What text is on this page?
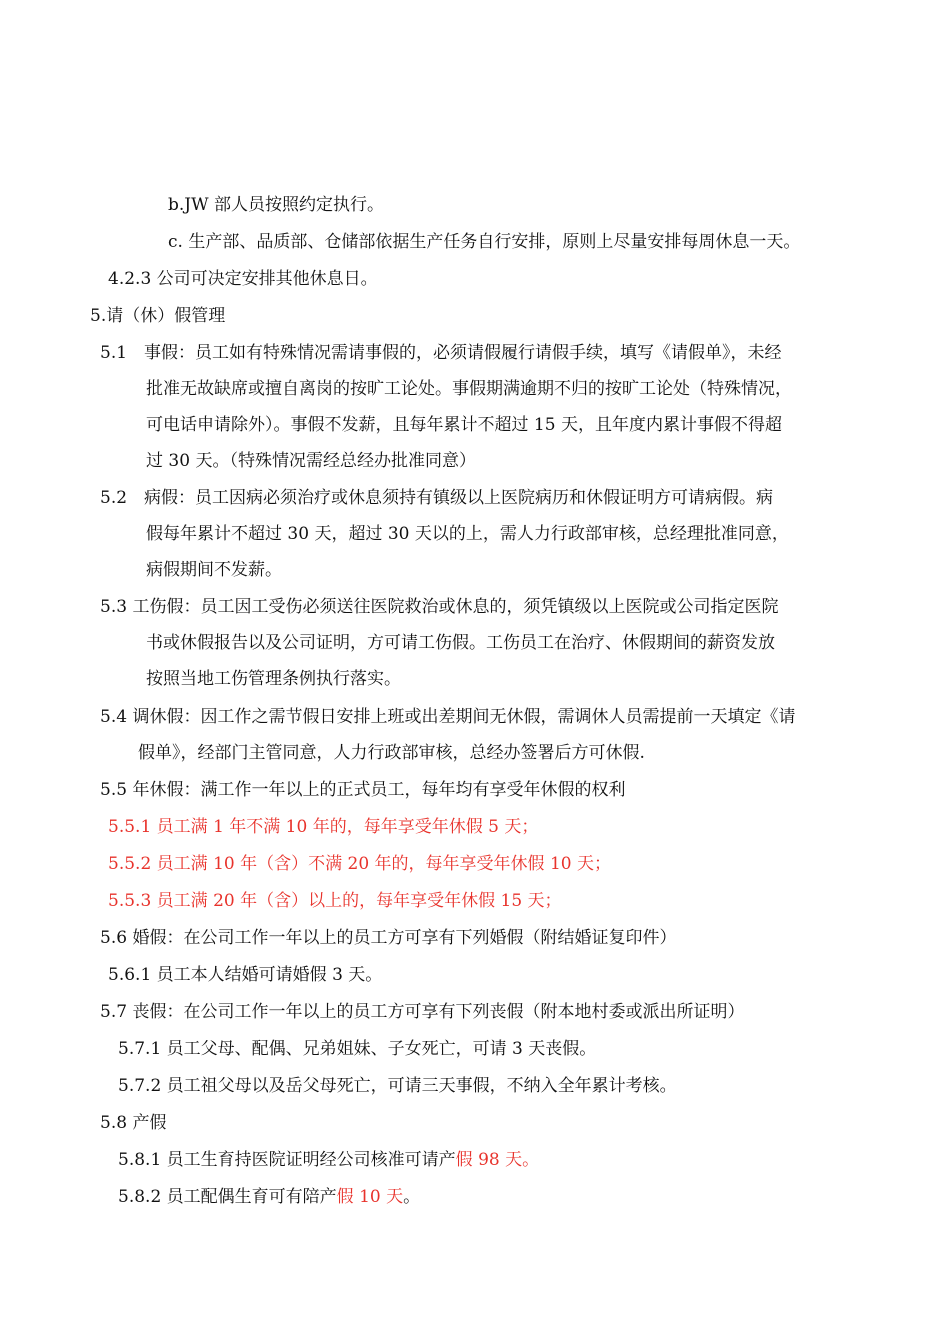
b.JW 部人员按照约定执行。
c. 生产部、品质部、仓储部依据生产任务自行安排，原则上尽量安排每周休息一天。
4.2.3 公司可决定安排其他休息日。
5.请（休）假管理
5.1　事假：员工如有特殊情况需请事假的，必须请假履行请假手续，填写《请假单》，未经
批准无故缺席或擅自离岗的按旷工论处。事假期满逾期不归的按旷工论处（特殊情况，
可电话申请除外）。事假不发薪，且每年累计不超过 15 天，且年度内累计事假不得超
过 30 天。（特殊情况需经总经办批准同意）
5.2　病假：员工因病必须治疗或休息须持有镇级以上医院病历和休假证明方可请病假。病
假每年累计不超过 30 天，超过 30 天以的上，需人力行政部审核，总经理批准同意，
病假期间不发薪。
5.3 工伤假：员工因工受伤必须送往医院救治或休息的，须凭镇级以上医院或公司指定医院
书或休假报告以及公司证明，方可请工伤假。工伤员工在治疗、休假期间的薪资发放
按照当地工伤管理条例执行落实。
5.4 调休假：因工作之需节假日安排上班或出差期间无休假，需调休人员需提前一天填定《请
假单》，经部门主管同意，人力行政部审核，总经办签署后方可休假.
5.5 年休假：满工作一年以上的正式员工，每年均有享受年休假的权利
5.5.1 员工满 1 年不满 10 年的，每年享受年休假 5 天；
5.5.2 员工满 10 年（含）不满 20 年的，每年享受年休假 10 天；
5.5.3 员工满 20 年（含）以上的，每年享受年休假 15 天；
5.6 婚假：在公司工作一年以上的员工方可享有下列婚假（附结婚证复印件）
5.6.1 员工本人结婚可请婚假 3 天。
5.7 丧假：在公司工作一年以上的员工方可享有下列丧假（附本地村委或派出所证明）
5.7.1 员工父母、配偶、兄弟姐妹、子女死亡，可请 3 天丧假。
5.7.2 员工祖父母以及岳父母死亡，可请三天事假，不纳入全年累计考核。
5.8 产假
5.8.1 员工生育持医院证明经公司核准可请产假 98 天。
5.8.2 员工配偶生育可有陪产假 10 天。
